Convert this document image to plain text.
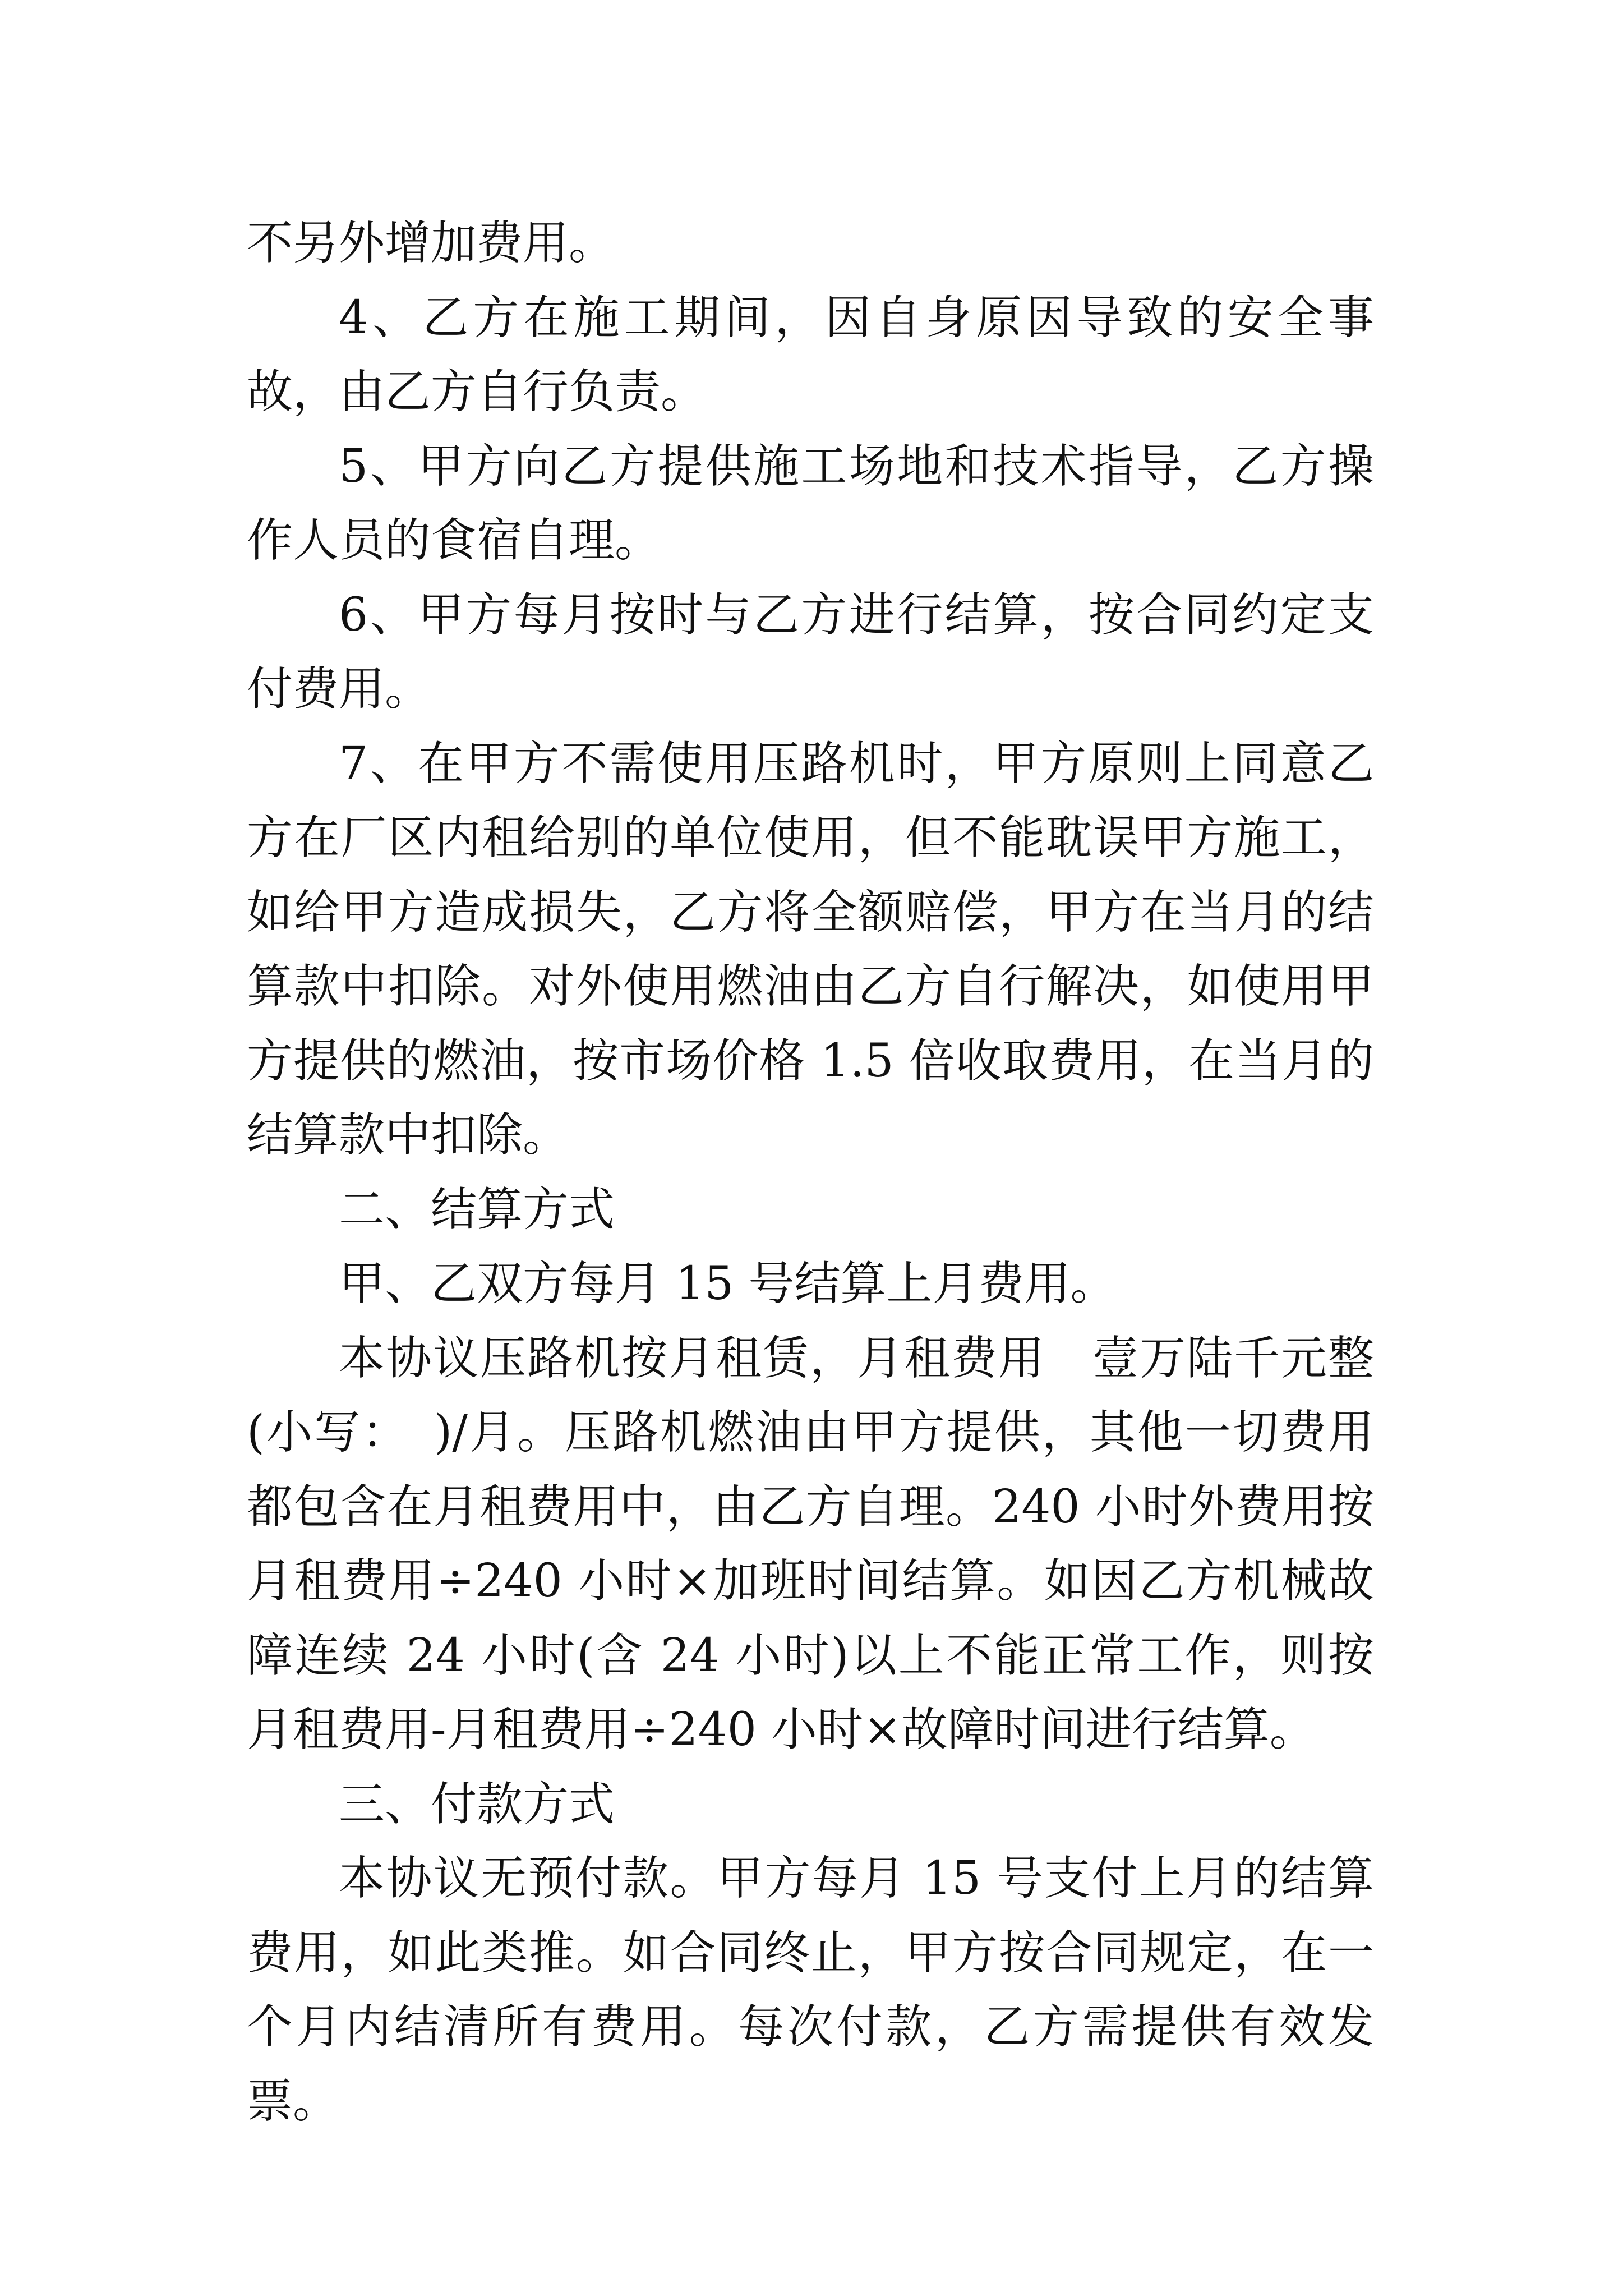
不另外增加费用。

4、乙方在施工期间，因自身原因导致的安全事故，由乙方自行负责。

5、甲方向乙方提供施工场地和技术指导，乙方操作人员的食宿自理。

6、甲方每月按时与乙方进行结算，按合同约定支付费用。

7、在甲方不需使用压路机时，甲方原则上同意乙方在厂区内租给别的单位使用，但不能耽误甲方施工，如给甲方造成损失，乙方将全额赔偿，甲方在当月的结算款中扣除。对外使用燃油由乙方自行解决，如使用甲方提供的燃油，按市场价格 1.5 倍收取费用，在当月的结算款中扣除。

二、结算方式

甲、乙双方每月 15 号结算上月费用。

本协议压路机按月租赁，月租费用　壹万陆千元整(小写：　)/月。压路机燃油由甲方提供，其他一切费用都包含在月租费用中，由乙方自理。240 小时外费用按月租费用÷240 小时×加班时间结算。如因乙方机械故障连续 24 小时(含 24 小时)以上不能正常工作，则按月租费用-月租费用÷240 小时×故障时间进行结算。

三、付款方式

本协议无预付款。甲方每月 15 号支付上月的结算费用，如此类推。如合同终止，甲方按合同规定，在一个月内结清所有费用。每次付款，乙方需提供有效发票。
